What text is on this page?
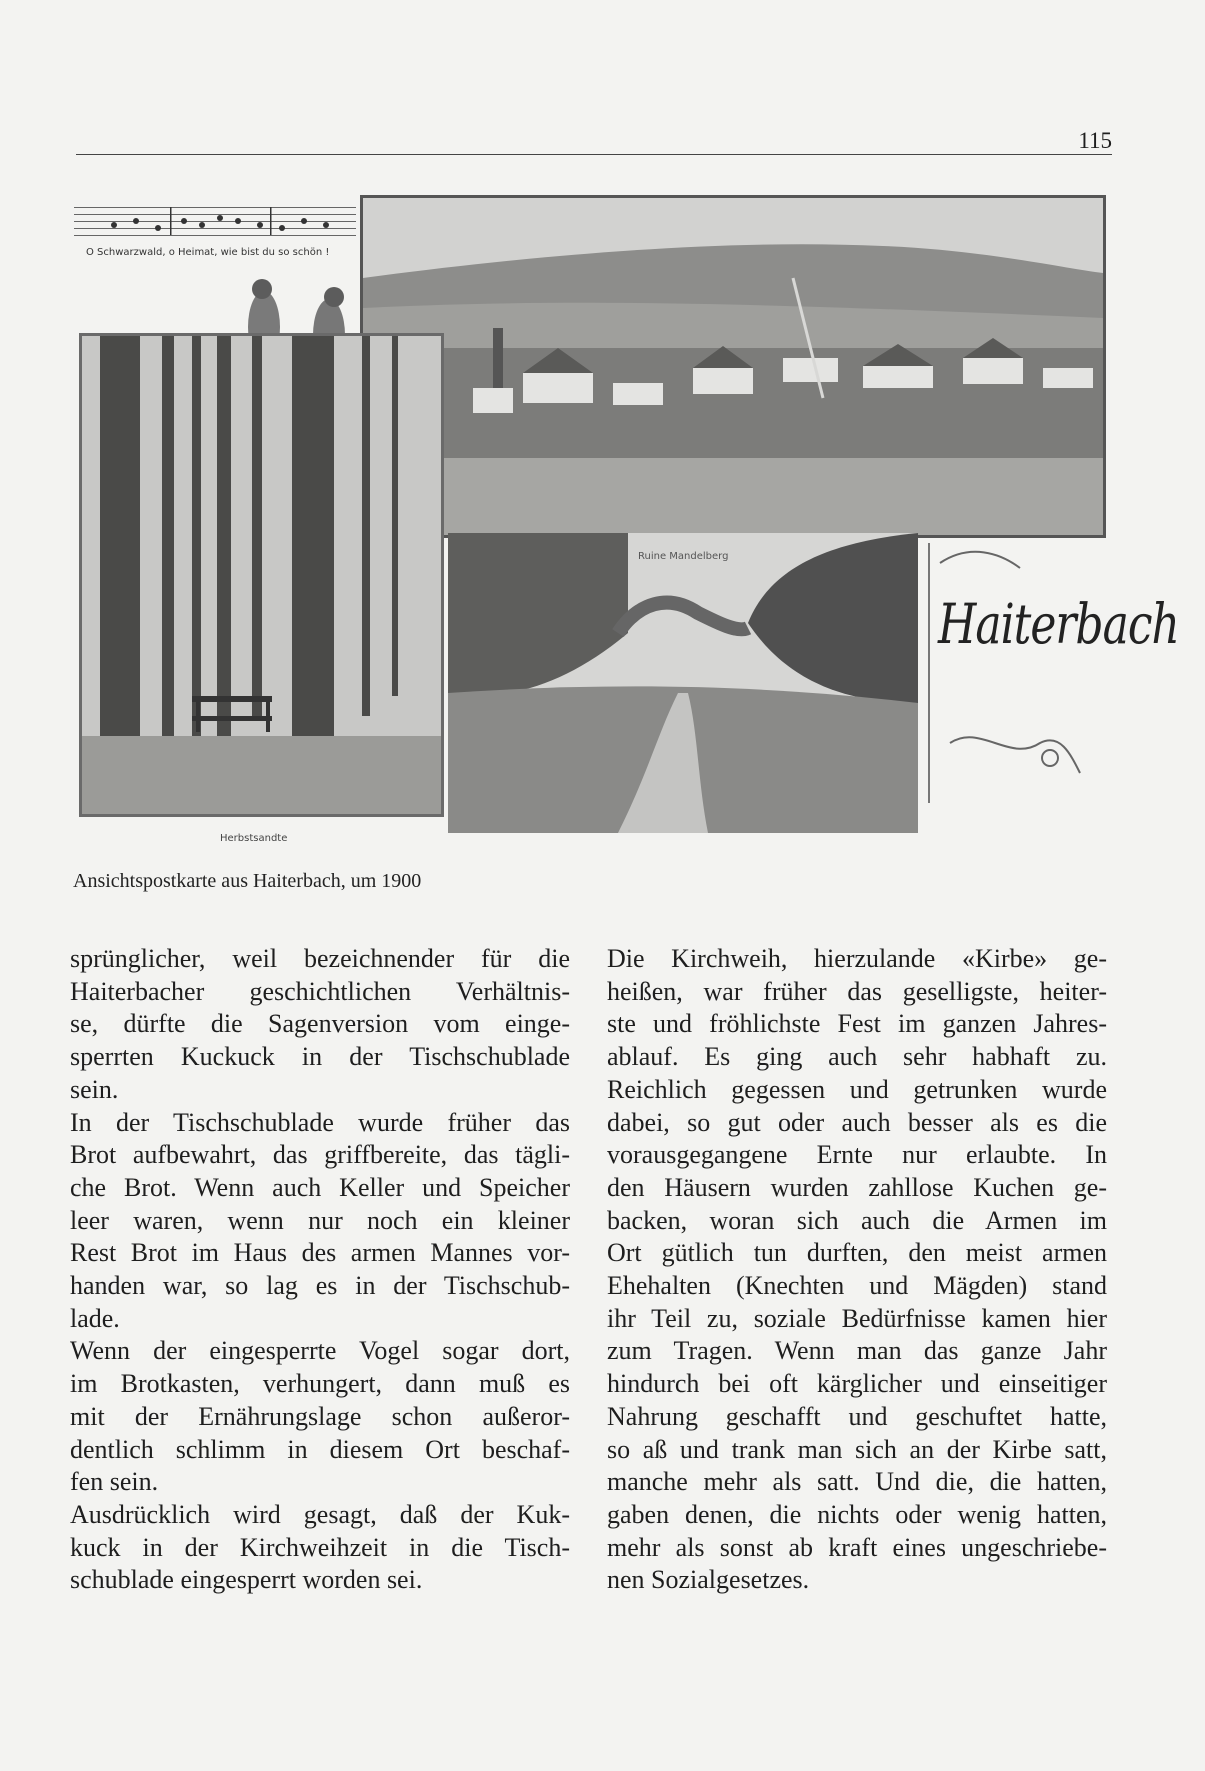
115
O Schwarzwald, o Heimat, wie bist du so schön !
Ruine Mandelberg
Herbstsandte
Haiterbach
Ansichtspostkarte aus Haiterbach, um 1900

sprünglicher, weil bezeichnender für die
Haiterbacher geschichtlichen Verhältnis-
se, dürfte die Sagenversion vom einge-
sperrten Kuckuck in der Tischschublade
sein.

In der Tischschublade wurde früher das
Brot aufbewahrt, das griffbereite, das tägli-
che Brot. Wenn auch Keller und Speicher
leer waren, wenn nur noch ein kleiner
Rest Brot im Haus des armen Mannes vor-
handen war, so lag es in der Tischschub-
lade.

Wenn der eingesperrte Vogel sogar dort,
im Brotkasten, verhungert, dann muß es
mit der Ernährungslage schon außeror-
dentlich schlimm in diesem Ort beschaf-
fen sein.

Ausdrücklich wird gesagt, daß der Kuk-
kuck in der Kirchweihzeit in die Tisch-
schublade eingesperrt worden sei.

Die Kirchweih, hierzulande «Kirbe» ge-
heißen, war früher das geselligste, heiter-
ste und fröhlichste Fest im ganzen Jahres-
ablauf. Es ging auch sehr habhaft zu.
Reichlich gegessen und getrunken wurde
dabei, so gut oder auch besser als es die
vorausgegangene Ernte nur erlaubte. In
den Häusern wurden zahllose Kuchen ge-
backen, woran sich auch die Armen im
Ort gütlich tun durften, den meist armen
Ehehalten (Knechten und Mägden) stand
ihr Teil zu, soziale Bedürfnisse kamen hier
zum Tragen. Wenn man das ganze Jahr
hindurch bei oft kärglicher und einseitiger
Nahrung geschafft und geschuftet hatte,
so aß und trank man sich an der Kirbe satt,
manche mehr als satt. Und die, die hatten,
gaben denen, die nichts oder wenig hatten,
mehr als sonst ab kraft eines ungeschriebe-
nen Sozialgesetzes.
